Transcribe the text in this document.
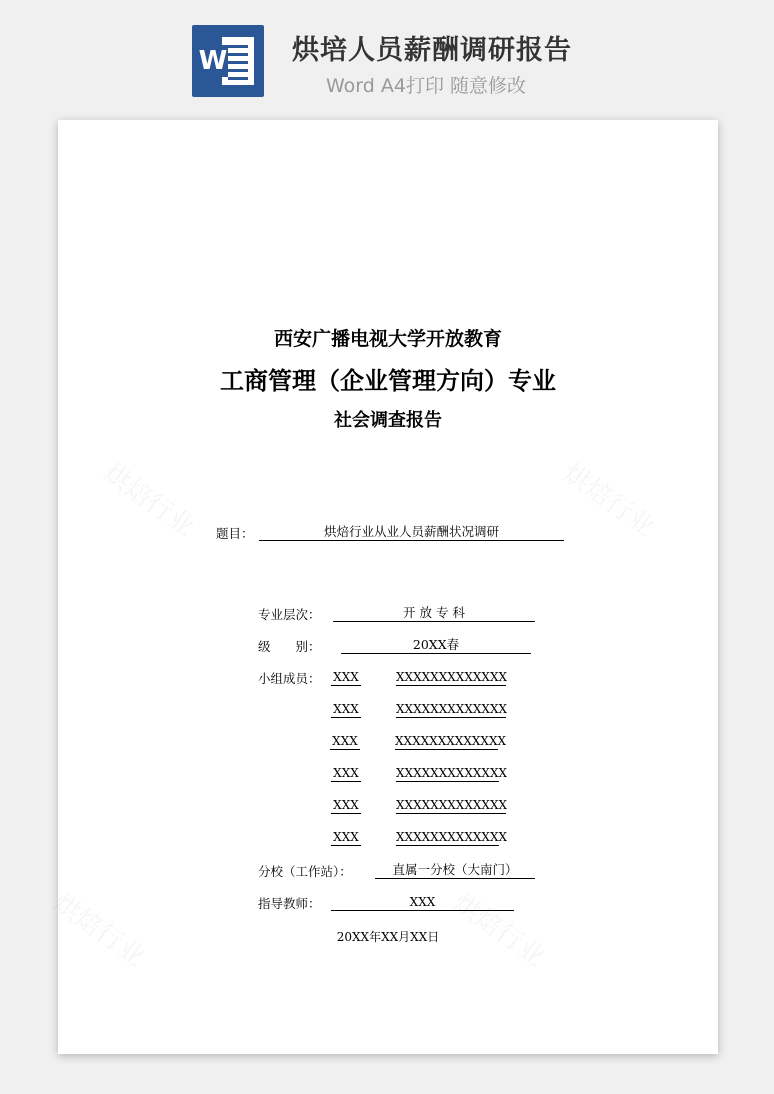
W 烘培人员薪酬调研报告
Word A4打印 随意修改
西安广播电视大学开放教育
工商管理（企业管理方向）专业
社会调查报告
题目：	烘焙行业从业人员薪酬状况调研
专业层次：	开 放 专 科
级　　别：	20XX春
小组成员： XXX	XXXXXXXXXXXXX
XXX	XXXXXXXXXXXXX
XXX	XXXXXXXXXXXXX
XXX	XXXXXXXXXXXXX
XXX	XXXXXXXXXXXXX
XXX	XXXXXXXXXXXXX
分校（工作站）：	直属一分校（大南门）
指导教师：	XXX
20XX年XX月XX日
